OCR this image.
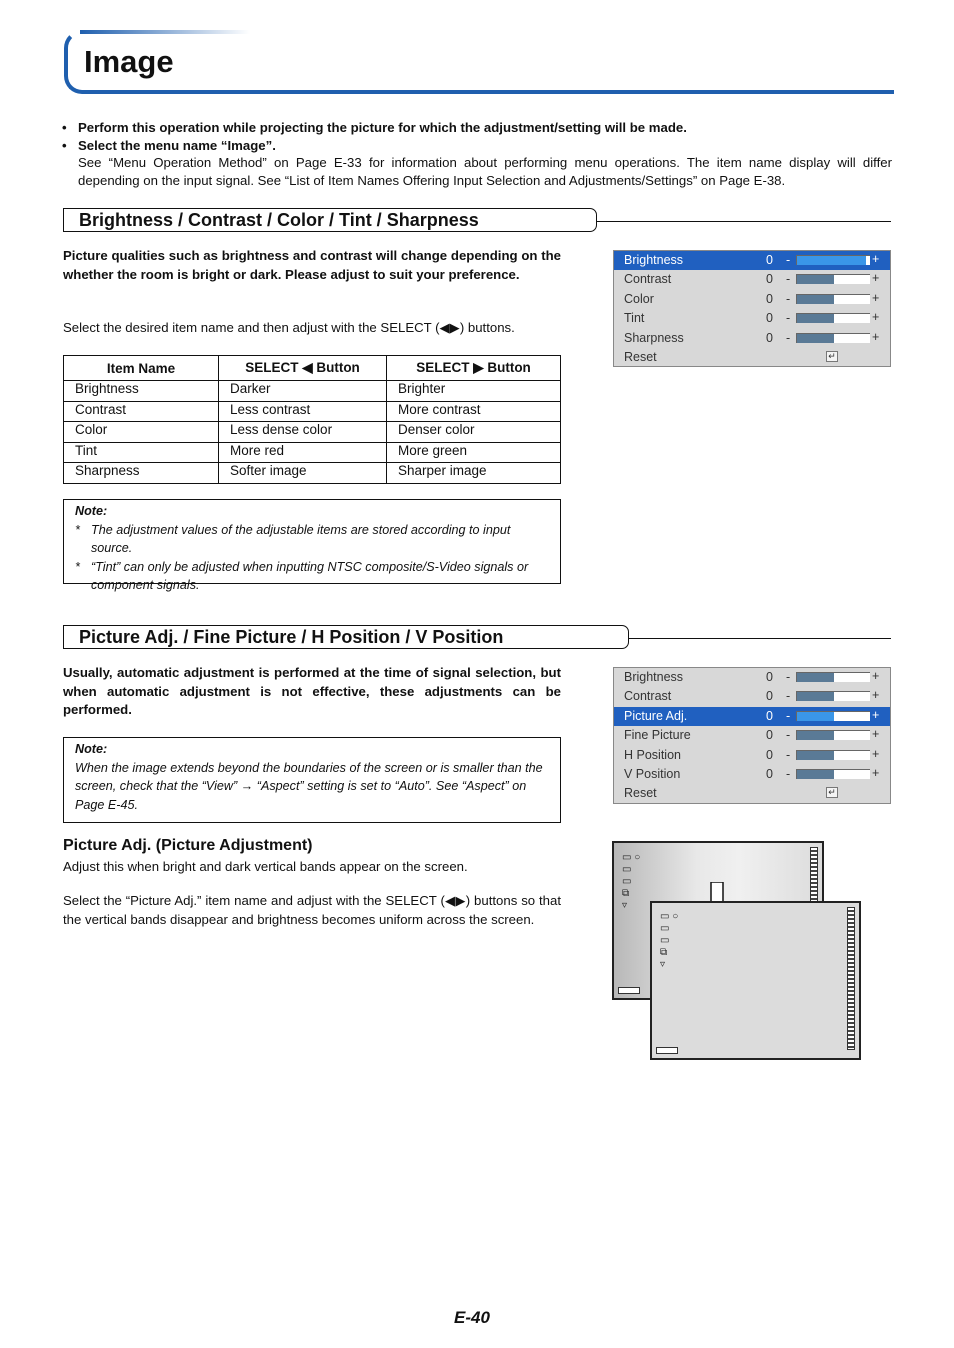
Image
• Perform this operation while projecting the picture for which the adjustment/setting will be made.
• Select the menu name “Image”.
See “Menu Operation Method” on Page E-33 for information about performing menu operations. The item name display will differ depending on the input signal. See “List of Item Names Offering Input Selection and Adjustments/Settings” on Page E-38.
Brightness / Contrast / Color / Tint / Sharpness
Picture qualities such as brightness and contrast will change depending on the whether the room is bright or dark. Please adjust to suit your preference.
Select the desired item name and then adjust with the SELECT (◀▶) buttons.
Item Name	SELECT ◀ Button	SELECT ▶ Button
Brightness	Darker	Brighter
Contrast	Less contrast	More contrast
Color	Less dense color	Denser color
Tint	More red	More green
Sharpness	Softer image	Sharper image
Note:
* The adjustment values of the adjustable items are stored according to input source.
* “Tint” can only be adjusted when inputting NTSC composite/S-Video signals or component signals.
Brightness	0 -	+
Contrast	0 -	+
Color	0 -	+
Tint	0 -	+
Sharpness	0 -	+
Reset	↵
Picture Adj. / Fine Picture / H Position / V Position
Usually, automatic adjustment is performed at the time of signal selection, but when automatic adjustment is not effective, these adjustments can be performed.
Note:
When the image extends beyond the boundaries of the screen or is smaller than the screen, check that the “View” → “Aspect” setting is set to “Auto”. See “Aspect” on Page E-45.
Picture Adj. (Picture Adjustment)
Adjust this when bright and dark vertical bands appear on the screen.
Select the “Picture Adj.” item name and adjust with the SELECT (◀▶) buttons so that the vertical bands disappear and brightness becomes uniform across the screen.
Brightness	0 -	+
Contrast	0 -	+
Picture Adj.	0 -	+
Fine Picture	0 -	+
H Position	0 -	+
V Position	0 -	+
Reset	↵
▭ ○
▭
▭
⧉
▿
▭ ○
▭
▭
⧉
▿
E-40
